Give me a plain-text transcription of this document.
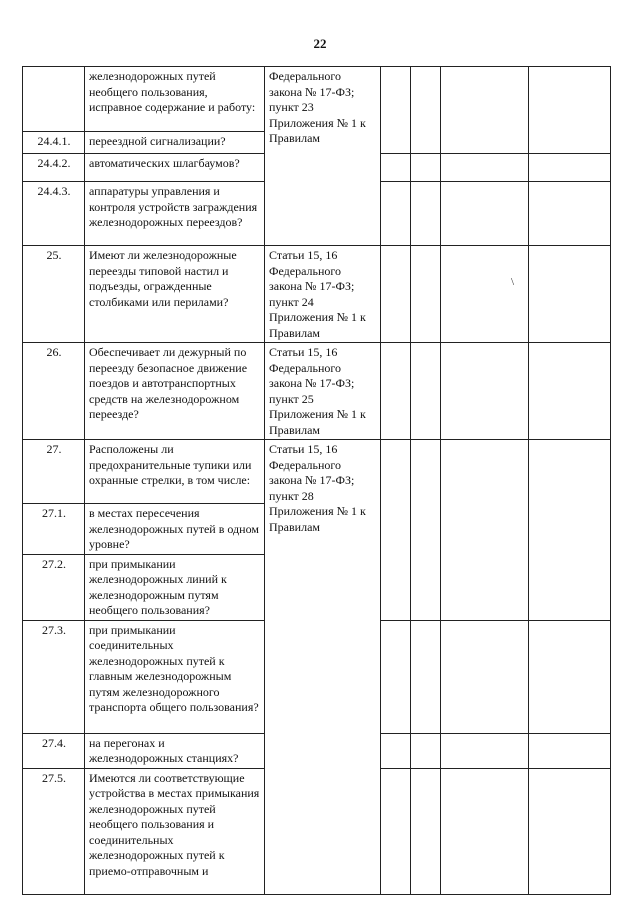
22
	железнодорожных путей необщего пользования, исправное содержание и работу:	Федерального закона № 17-ФЗ; пункт 23 Приложения № 1 к Правилам				
24.4.1.	переездной сигнализации?					
24.4.2.	автоматических шлагбаумов?					
24.4.3.	аппаратуры управления и контроля устройств заграждения железнодорожных переездов?					
25.	Имеют ли железнодорожные переезды типовой настил и подъезды, огражденные столбиками или перилами?	Статьи 15, 16 Федерального закона № 17-ФЗ; пункт 24 Приложения № 1 к Правилам				
26.	Обеспечивает ли дежурный по переезду безопасное движение поездов и автотранспортных средств на железнодорожном переезде?	Статьи 15, 16 Федерального закона № 17-ФЗ; пункт 25 Приложения № 1 к Правилам				
27.	Расположены ли предохранительные тупики или охранные стрелки, в том числе:	Статьи 15, 16 Федерального закона № 17-ФЗ; пункт 28 Приложения № 1 к Правилам				
27.1.	в местах пересечения железнодорожных путей в одном уровне?					
27.2.	при примыкании железнодорожных линий к железнодорожным путям необщего пользования?					
27.3.	при примыкании соединительных железнодорожных путей к главным железнодорожным путям железнодорожного транспорта общего пользования?					
27.4.	на перегонах и железнодорожных станциях?					
27.5.	Имеются ли соответствующие устройства в местах примыкания железнодорожных путей необщего пользования и соединительных железнодорожных путей к приемо-отправочным и					
\
